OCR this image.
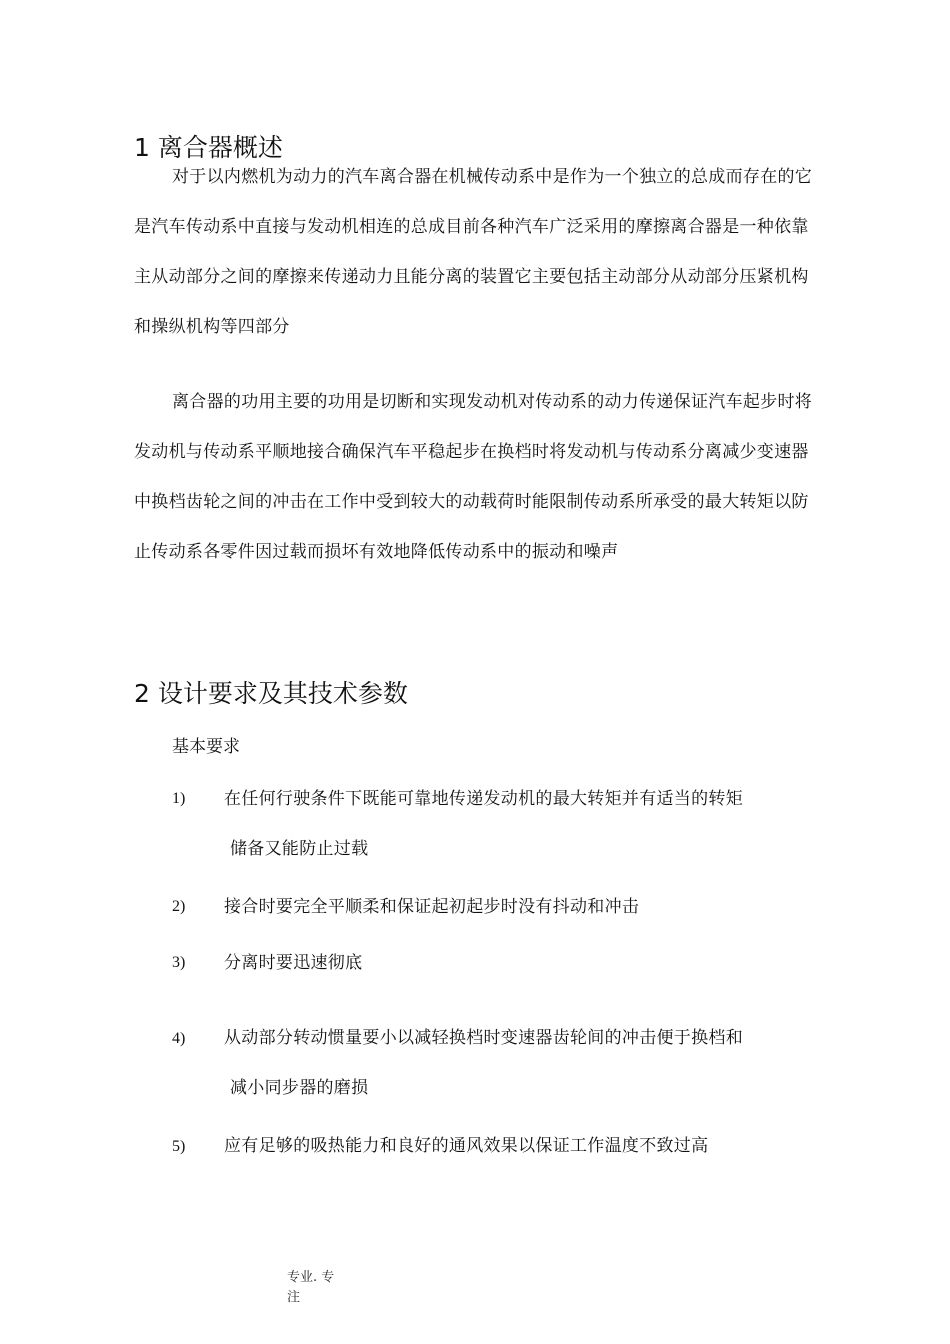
1 离合器概述

对于以内燃机为动力的汽车离合器在机械传动系中是作为一个独立的总成而存在的它是汽车传动系中直接与发动机相连的总成目前各种汽车广泛采用的摩擦离合器是一种依靠主从动部分之间的摩擦来传递动力且能分离的装置它主要包括主动部分从动部分压紧机构和操纵机构等四部分

离合器的功用主要的功用是切断和实现发动机对传动系的动力传递保证汽车起步时将发动机与传动系平顺地接合确保汽车平稳起步在换档时将发动机与传动系分离减少变速器中换档齿轮之间的冲击在工作中受到较大的动载荷时能限制传动系所承受的最大转矩以防止传动系各零件因过载而损坏有效地降低传动系中的振动和噪声

2 设计要求及其技术参数
基本要求
1) 在任何行驶条件下既能可靠地传递发动机的最大转矩并有适当的转矩
储备又能防止过载
2) 接合时要完全平顺柔和保证起初起步时没有抖动和冲击
3) 分离时要迅速彻底
4) 从动部分转动惯量要小以减轻换档时变速器齿轮间的冲击便于换档和
减小同步器的磨损
5) 应有足够的吸热能力和良好的通风效果以保证工作温度不致过高
专业. 专
注
